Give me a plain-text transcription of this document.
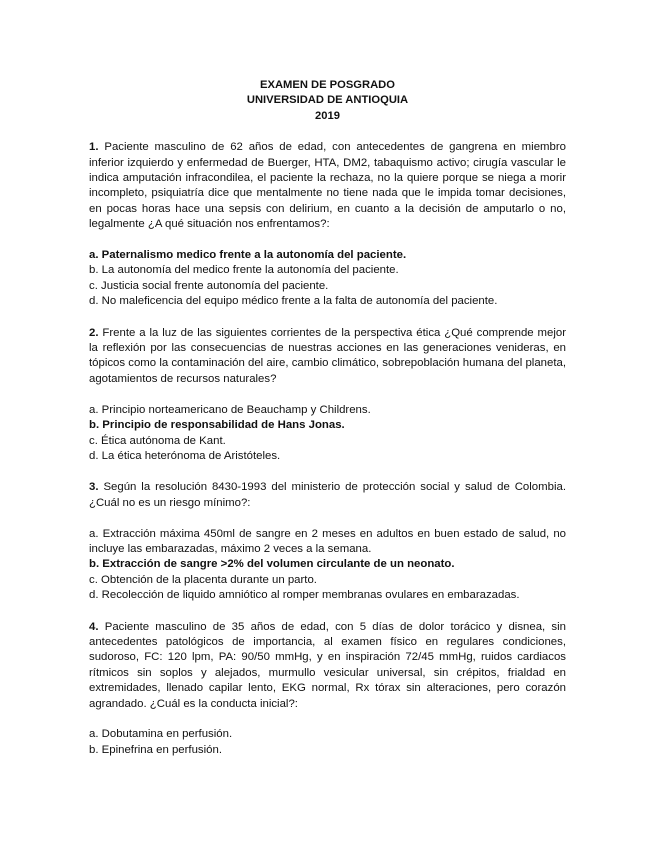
EXAMEN DE POSGRADO
UNIVERSIDAD DE ANTIOQUIA
2019
1. Paciente masculino de 62 años de edad, con antecedentes de gangrena en miembro inferior izquierdo y enfermedad de Buerger, HTA, DM2, tabaquismo activo; cirugía vascular le indica amputación infracondilea, el paciente la rechaza, no la quiere porque se niega a morir incompleto, psiquiatría dice que mentalmente no tiene nada que le impida tomar decisiones, en pocas horas hace una sepsis con delirium, en cuanto a la decisión de amputarlo o no, legalmente ¿A qué situación nos enfrentamos?:
a. Paternalismo medico frente a la autonomía del paciente.
b. La autonomía del medico frente la autonomía del paciente.
c. Justicia social frente autonomía del paciente.
d. No maleficencia del equipo médico frente a la falta de autonomía del paciente.
2. Frente a la luz de las siguientes corrientes de la perspectiva ética ¿Qué comprende mejor la reflexión por las consecuencias de nuestras acciones en las generaciones venideras, en tópicos como la contaminación del aire, cambio climático, sobrepoblación humana del planeta, agotamientos de recursos naturales?
a. Principio norteamericano de Beauchamp y Childrens.
b. Principio de responsabilidad de Hans Jonas.
c. Ética autónoma de Kant.
d. La ética heterónoma de Aristóteles.
3. Según la resolución 8430-1993 del ministerio de protección social y salud de Colombia. ¿Cuál no es un riesgo mínimo?:
a. Extracción máxima 450ml de sangre en 2 meses en adultos en buen estado de salud, no incluye las embarazadas, máximo 2 veces a la semana.
b. Extracción de sangre >2% del volumen circulante de un neonato.
c. Obtención de la placenta durante un parto.
d. Recolección de liquido amniótico al romper membranas ovulares en embarazadas.
4. Paciente masculino de 35 años de edad, con 5 días de dolor torácico y disnea, sin antecedentes patológicos de importancia, al examen físico en regulares condiciones, sudoroso, FC: 120 lpm, PA: 90/50 mmHg, y en inspiración 72/45 mmHg, ruidos cardiacos rítmicos sin soplos y alejados, murmullo vesicular universal, sin crépitos, frialdad en extremidades, llenado capilar lento, EKG normal, Rx tórax sin alteraciones, pero corazón agrandado. ¿Cuál es la conducta inicial?:
a. Dobutamina en perfusión.
b. Epinefrina en perfusión.
